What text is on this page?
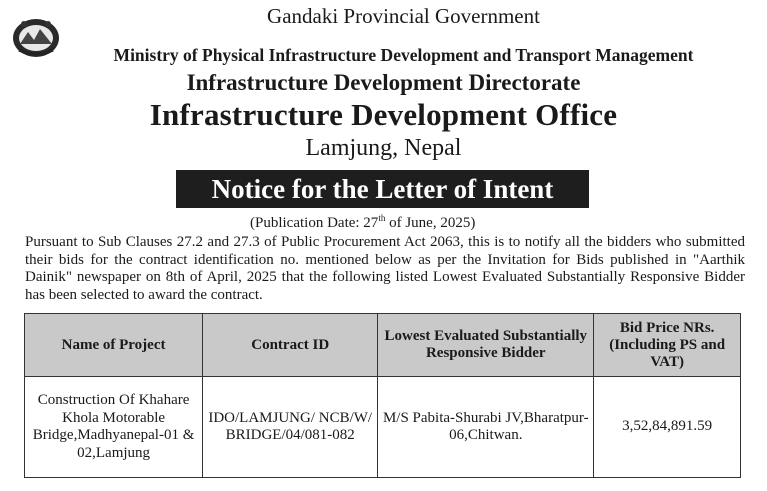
Gandaki Provincial Government
Ministry of Physical Infrastructure Development and Transport Management
Infrastructure Development Directorate
Infrastructure Development Office
Lamjung, Nepal
Notice for the Letter of Intent
(Publication Date: 27th of June, 2025)
Pursuant to Sub Clauses 27.2 and 27.3 of Public Procurement Act 2063, this is to notify all the bidders who submitted their bids for the contract identification no. mentioned below as per the Invitation for Bids published in "Aarthik Dainik" newspaper on 8th of April, 2025 that the following listed Lowest Evaluated Substantially Responsive Bidder has been selected to award the contract.
Name of Project	Contract ID	Lowest Evaluated Substantially Responsive Bidder	Bid Price NRs. (Including PS and VAT)
Construction Of Khahare Khola Motorable Bridge,Madhyanepal-01 & 02,Lamjung	IDO/LAMJUNG/ NCB/W/ BRIDGE/04/081-082	M/S Pabita-Shurabi JV,Bharatpur-06,Chitwan.	3,52,84,891.59
